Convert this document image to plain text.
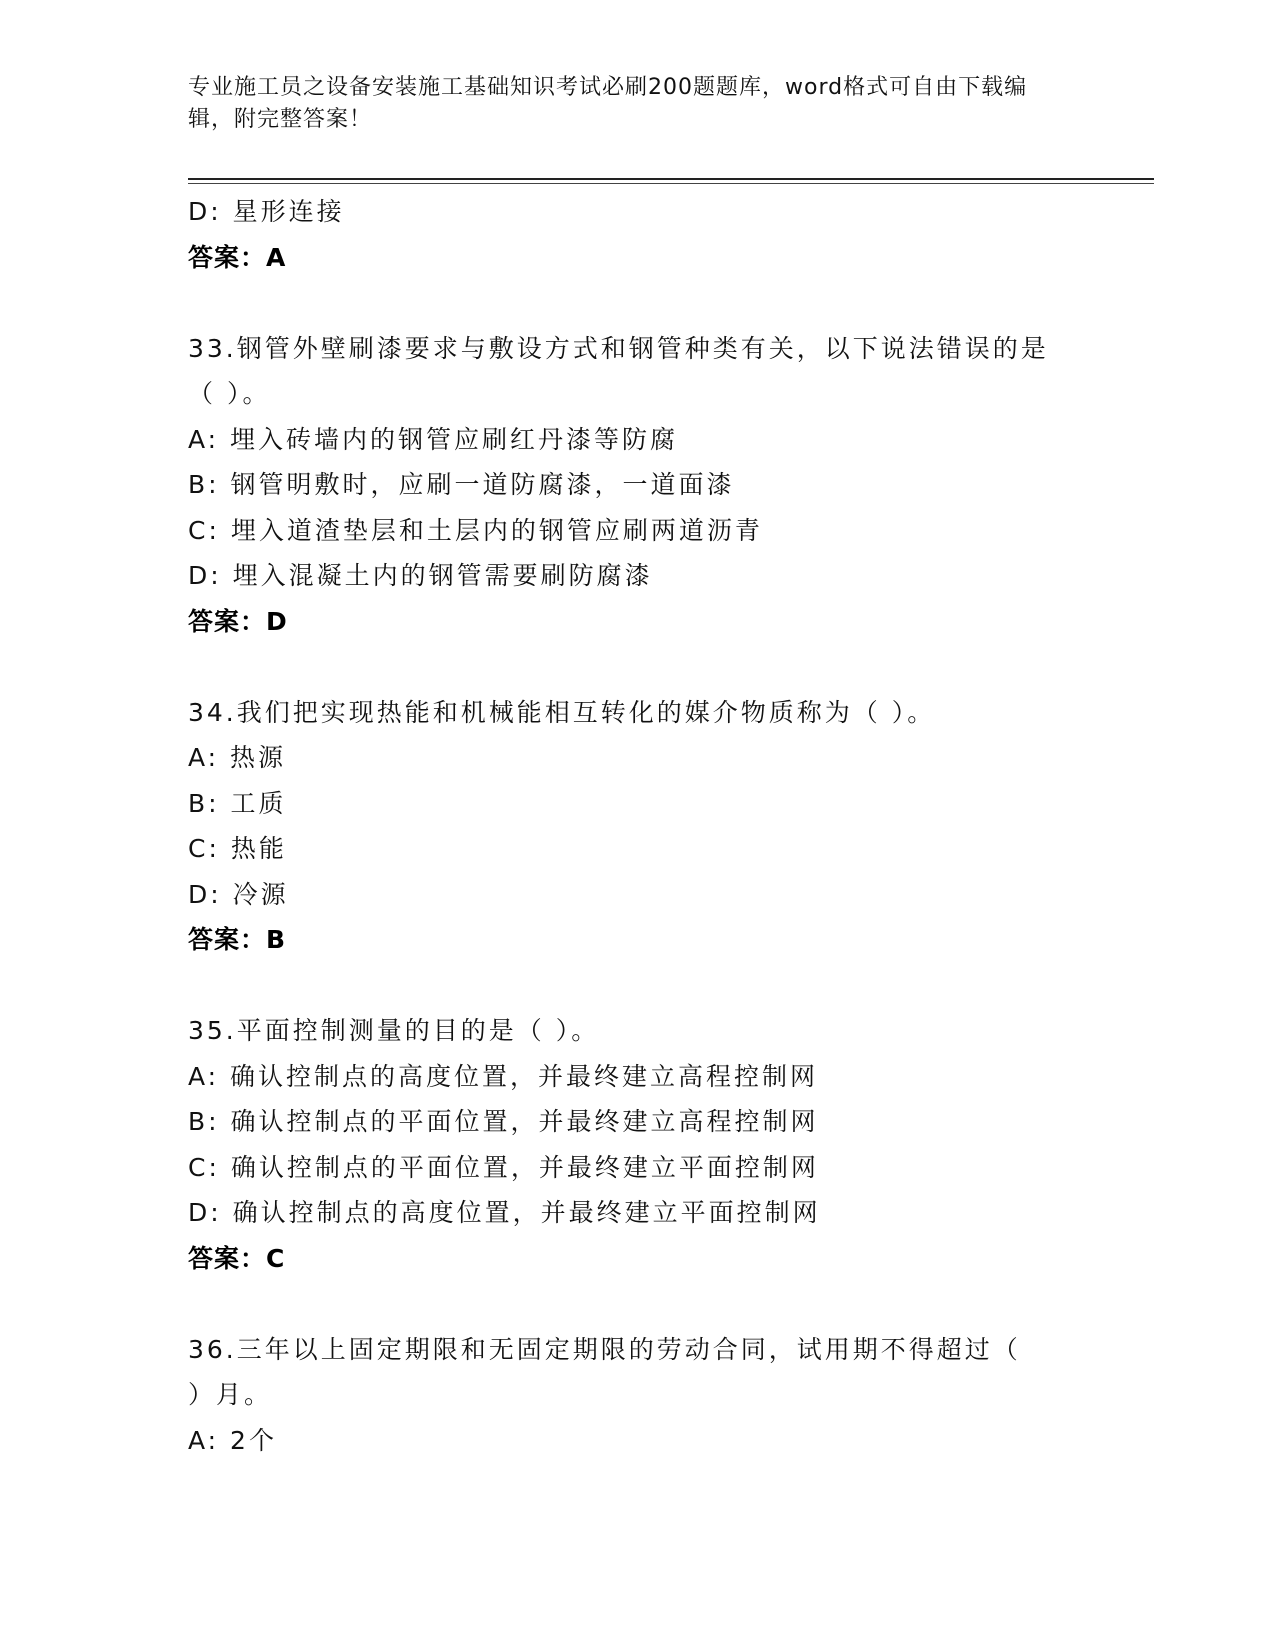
专业施工员之设备安装施工基础知识考试必刷200题题库，word格式可自由下载编辑，附完整答案！

D: 星形连接

答案：A

33.钢管外壁刷漆要求与敷设方式和钢管种类有关，以下说法错误的是

（ ）。

A: 埋入砖墙内的钢管应刷红丹漆等防腐

B: 钢管明敷时，应刷一道防腐漆，一道面漆

C: 埋入道渣垫层和土层内的钢管应刷两道沥青

D: 埋入混凝土内的钢管需要刷防腐漆

答案：D

34.我们把实现热能和机械能相互转化的媒介物质称为（ ）。

A: 热源

B: 工质

C: 热能

D: 冷源

答案：B

35.平面控制测量的目的是（ ）。

A: 确认控制点的高度位置，并最终建立高程控制网

B: 确认控制点的平面位置，并最终建立高程控制网

C: 确认控制点的平面位置，并最终建立平面控制网

D: 确认控制点的高度位置，并最终建立平面控制网

答案：C

36.三年以上固定期限和无固定期限的劳动合同，试用期不得超过（

）月。

A: 2个
